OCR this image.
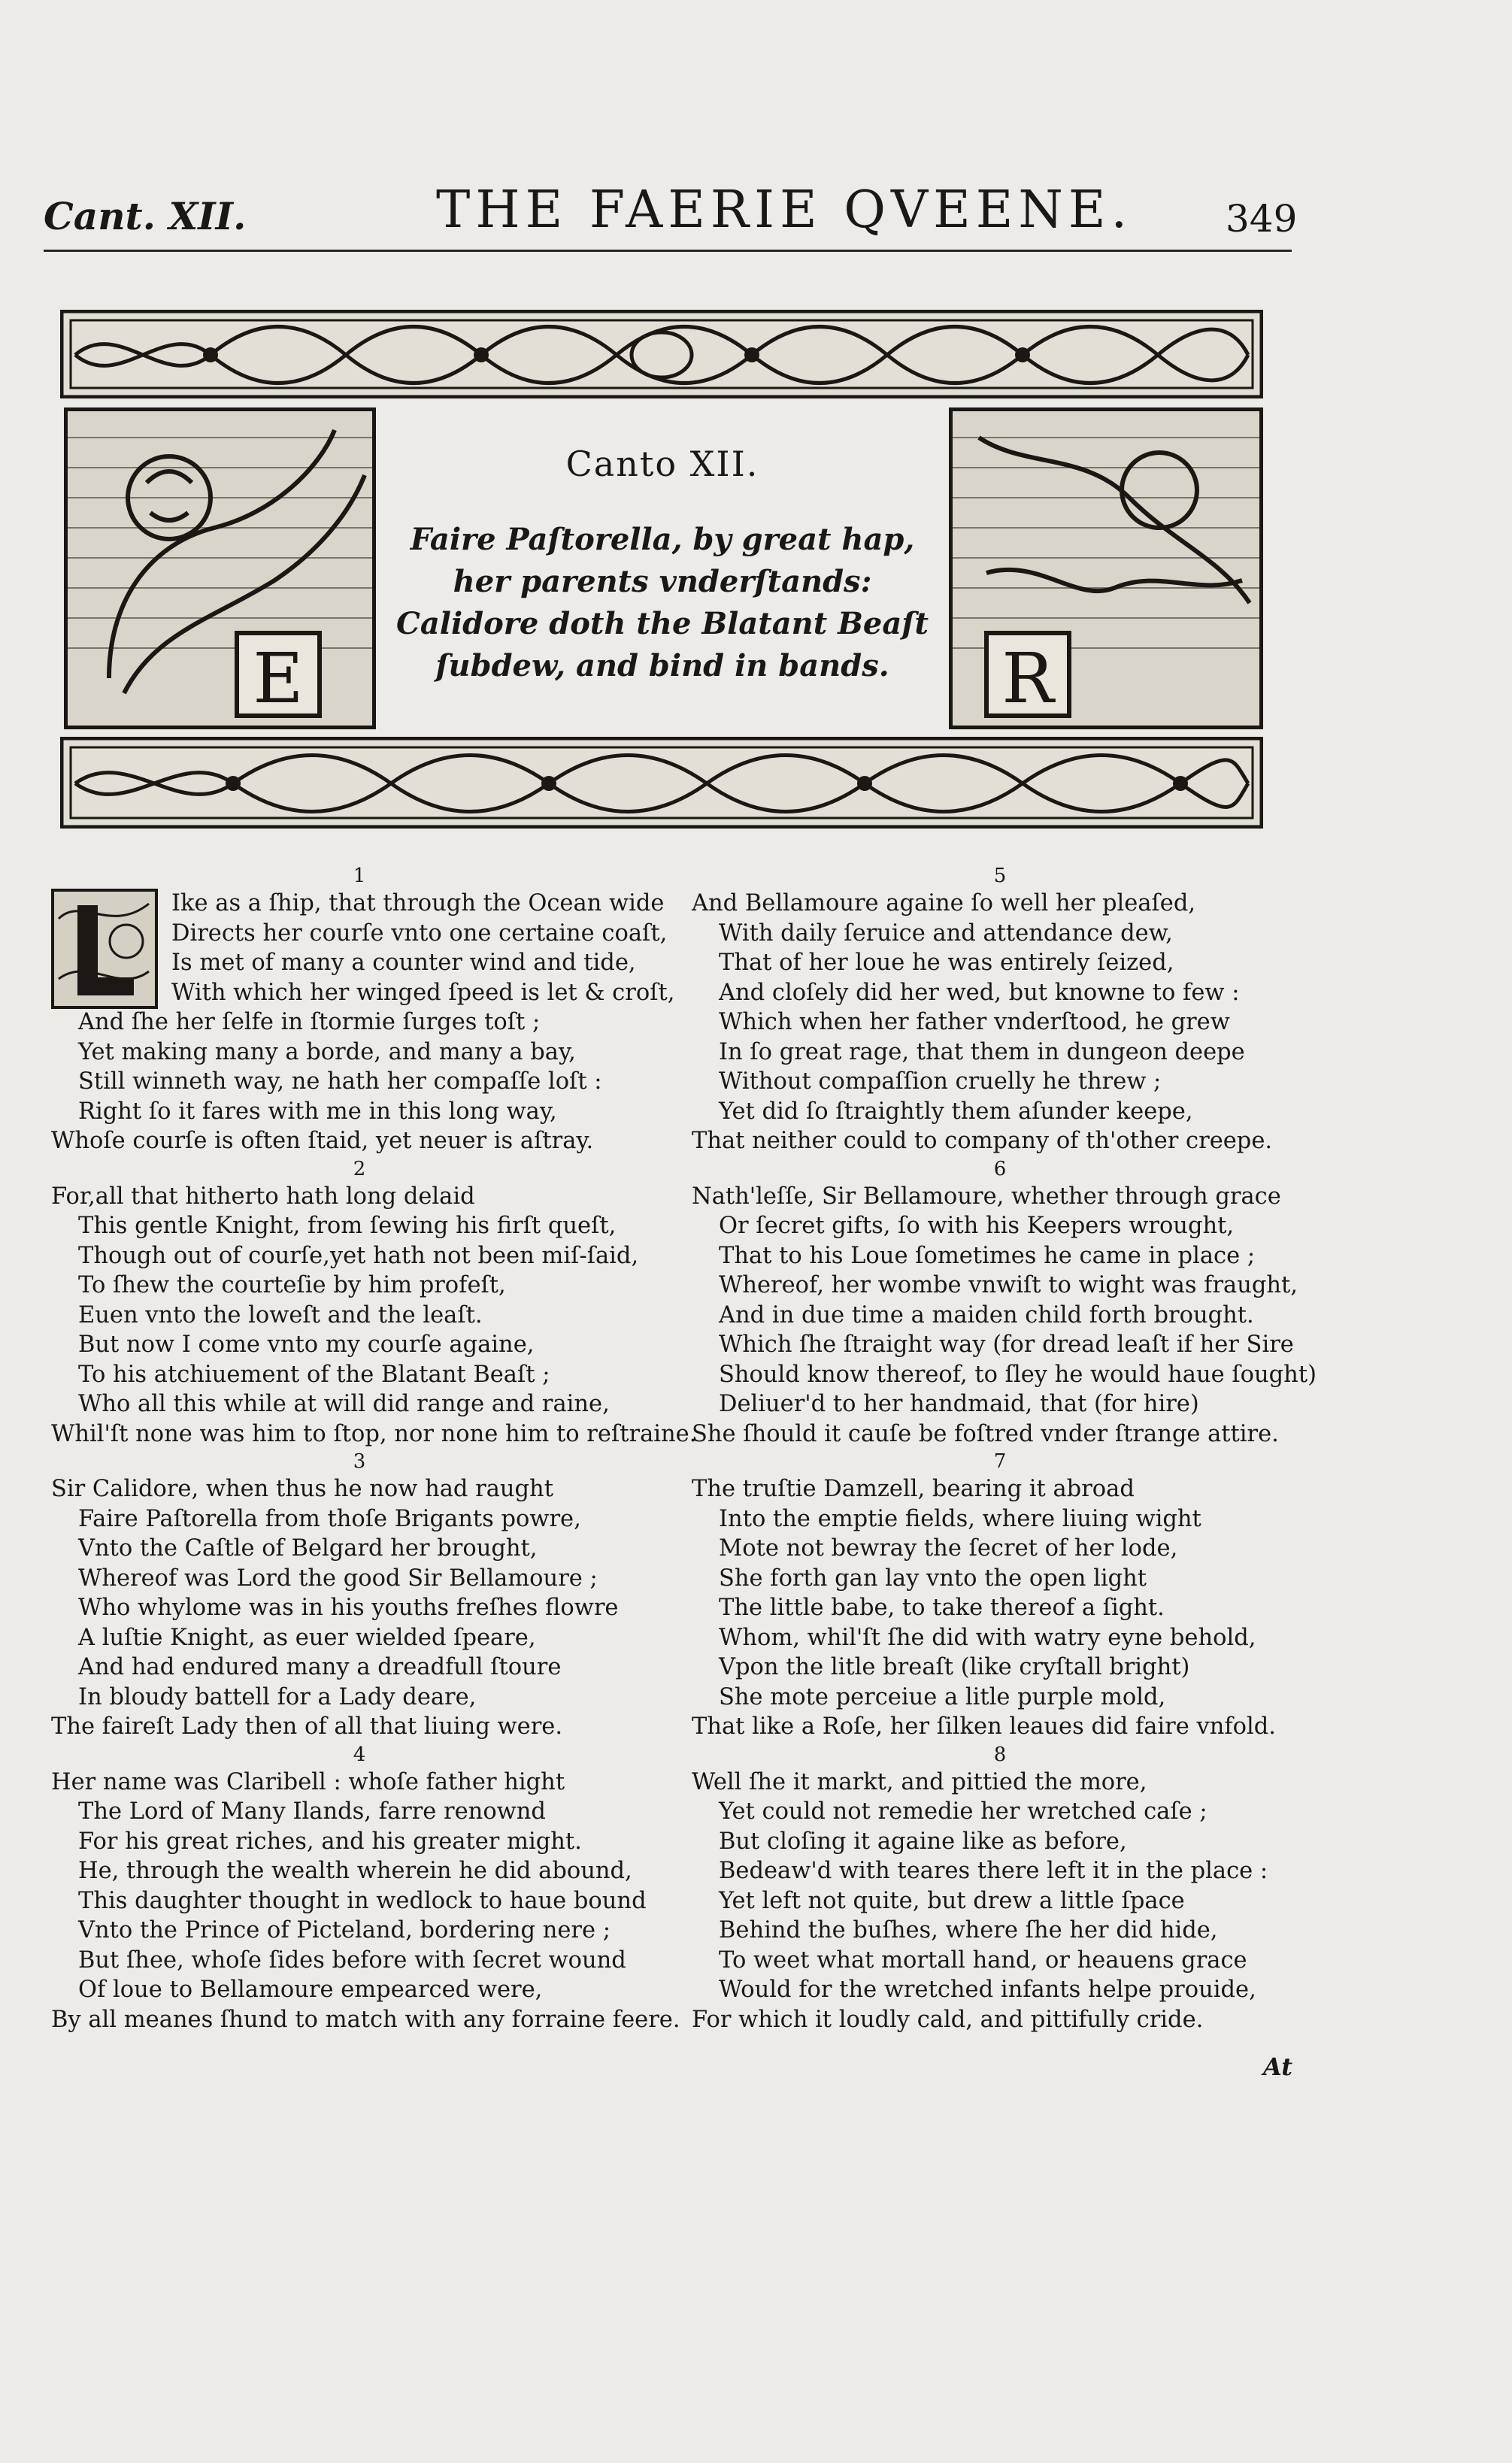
Cant. XII.	THE FAERIE QVEENE. 349
E	R
Canto XII.
Faire Paſtorella, by great hap,
her parents vnderſtands:
Calidore doth the Blatant Beaſt
ſubdew, and bind in bands.
1
Ike as a ſhip, that through the Ocean wide
Directs her courſe vnto one certaine coaſt,
Is met of many a counter wind and tide,
With which her winged ſpeed is let & croſt,
And ſhe her ſelfe in ſtormie ſurges toſt ;
Yet making many a borde, and many a bay,
Still winneth way, ne hath her compaſſe loſt :
Right ſo it fares with me in this long way,
Whoſe courſe is often ſtaid, yet neuer is aſtray.
2
For,all that hitherto hath long delaid
This gentle Knight, from ſewing his firſt queſt,
Though out of courſe,yet hath not been miſ-ſaid,
To ſhew the courteſie by him profeſt,
Euen vnto the loweſt and the leaſt.
But now I come vnto my courſe againe,
To his atchiuement of the Blatant Beaſt ;
Who all this while at will did range and raine,
Whil'ſt none was him to ſtop, nor none him to reſtraine.
3
Sir Calidore, when thus he now had raught
Faire Paſtorella from thoſe Brigants powre,
Vnto the Caſtle of Belgard her brought,
Whereof was Lord the good Sir Bellamoure ;
Who whylome was in his youths freſhes flowre
A luſtie Knight, as euer wielded ſpeare,
And had endured many a dreadfull ſtoure
In bloudy battell for a Lady deare,
The faireſt Lady then of all that liuing were.
4
Her name was Claribell : whoſe father hight
The Lord of Many Ilands, farre renownd
For his great riches, and his greater might.
He, through the wealth wherein he did abound,
This daughter thought in wedlock to haue bound
Vnto the Prince of Picteland, bordering nere ;
But ſhee, whoſe ſides before with ſecret wound
Of loue to Bellamoure empearced were,
By all meanes ſhund to match with any forraine feere.
5
And Bellamoure againe ſo well her pleaſed,
With daily ſeruice and attendance dew,
That of her loue he was entirely ſeized,
And cloſely did her wed, but knowne to few :
Which when her father vnderſtood, he grew
In ſo great rage, that them in dungeon deepe
Without compaſſion cruelly he threw ;
Yet did ſo ſtraightly them aſunder keepe,
That neither could to company of th'other creepe.
6
Nath'leſſe, Sir Bellamoure, whether through grace
Or ſecret gifts, ſo with his Keepers wrought,
That to his Loue ſometimes he came in place ;
Whereof, her wombe vnwiſt to wight was fraught,
And in due time a maiden child forth brought.
Which ſhe ſtraight way (for dread leaſt if her Sire
Should know thereof, to ſley he would haue ſought)
Deliuer'd to her handmaid, that (for hire)
She ſhould it cauſe be foſtred vnder ſtrange attire.
7
The truſtie Damzell, bearing it abroad
Into the emptie fields, where liuing wight
Mote not bewray the ſecret of her lode,
She forth gan lay vnto the open light
The little babe, to take thereof a ſight.
Whom, whil'ſt ſhe did with watry eyne behold,
Vpon the litle breaſt (like cryſtall bright)
She mote perceiue a litle purple mold,
That like a Roſe, her ſilken leaues did faire vnfold.
8
Well ſhe it markt, and pittied the more,
Yet could not remedie her wretched caſe ;
But cloſing it againe like as before,
Bedeaw'd with teares there left it in the place :
Yet left not quite, but drew a little ſpace
Behind the buſhes, where ſhe her did hide,
To weet what mortall hand, or heauens grace
Would for the wretched infants helpe prouide,
For which it loudly cald, and pittifully cride.
At
